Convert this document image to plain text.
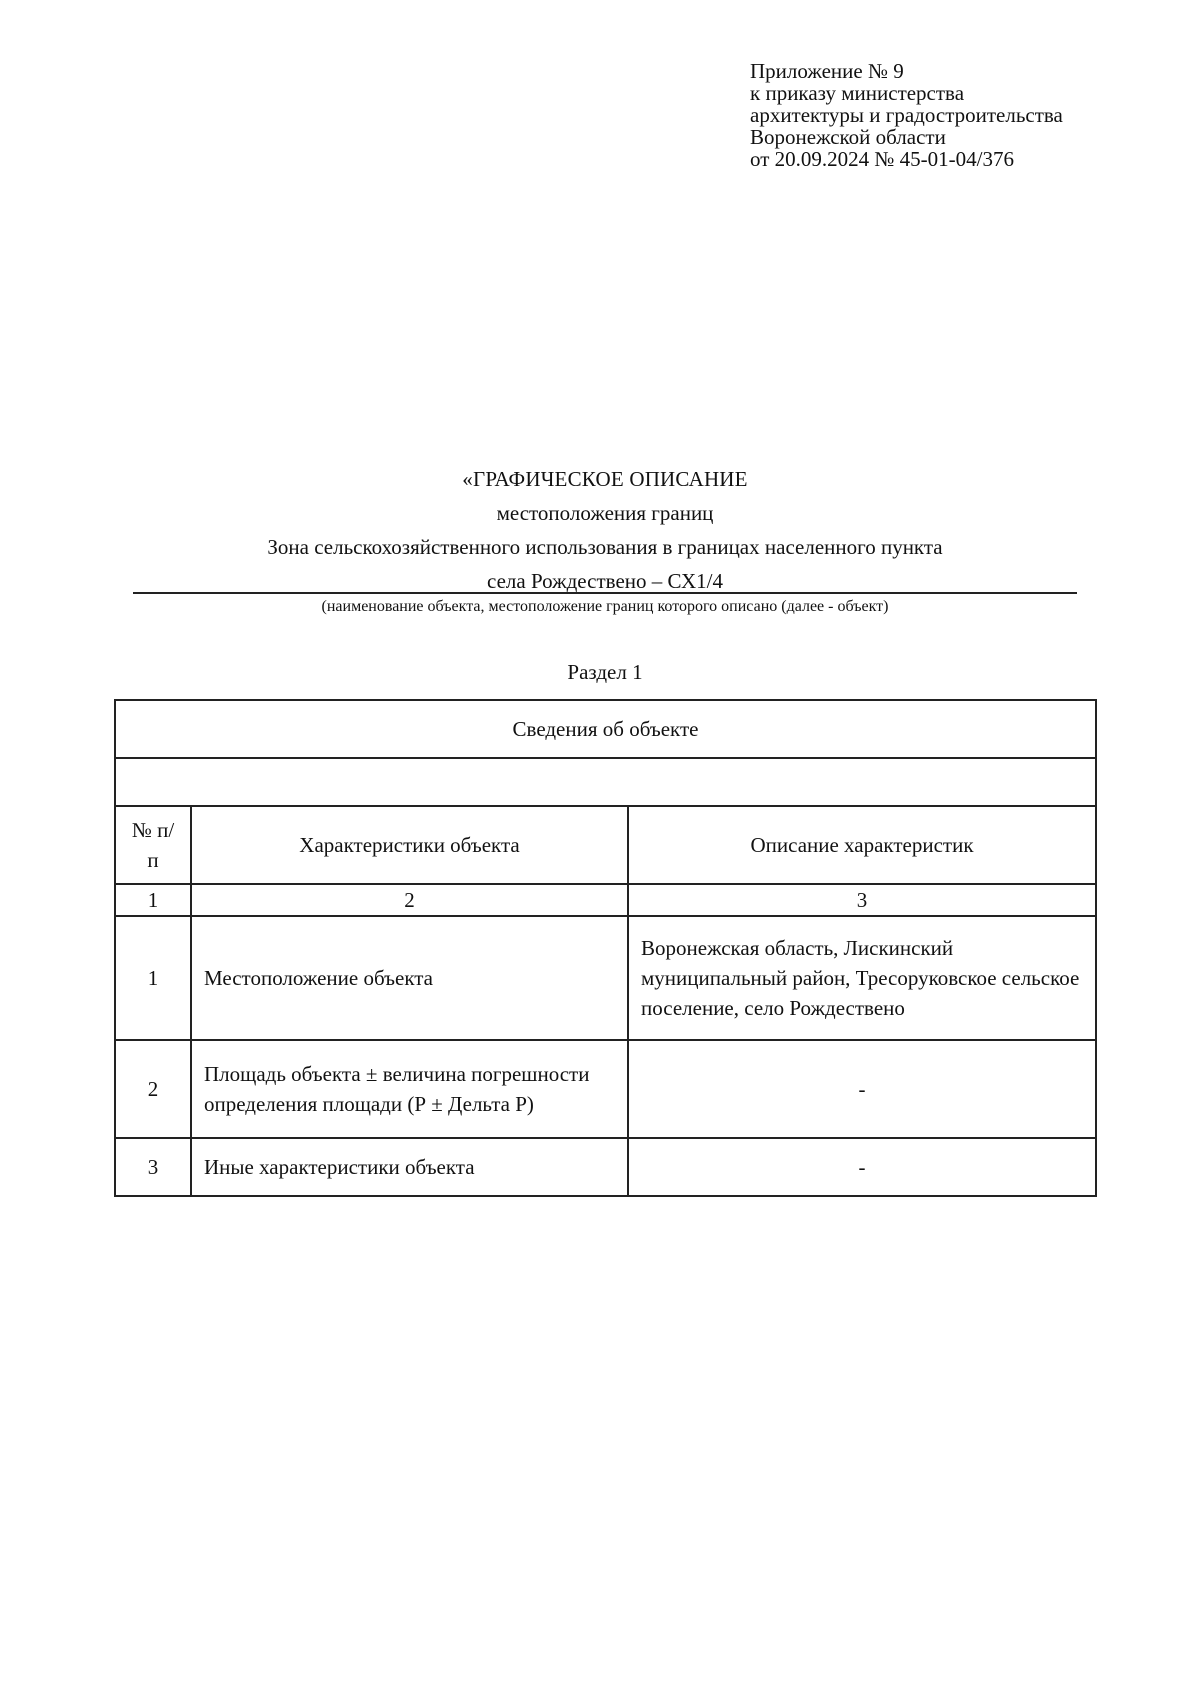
Приложение № 9
к приказу министерства
архитектуры и градостроительства
Воронежской области
от 20.09.2024 № 45-01-04/376
«ГРАФИЧЕСКОЕ ОПИСАНИЕ
местоположения границ
Зона сельскохозяйственного использования в границах населенного пункта
села Рождествено – СХ1/4
(наименование объекта, местоположение границ которого описано (далее - объект)
Раздел 1
Сведения об объекте		

№ п/п	Характеристики объекта	Описание характеристик
1	2	3
1	Местоположение объекта	Воронежская область, Лискинский муниципальный район, Тресоруковское сельское поселение, село Рождествено
2	Площадь объекта ± величина погрешности определения площади (Р ± Дельта Р)	-
3	Иные характеристики объекта	-
